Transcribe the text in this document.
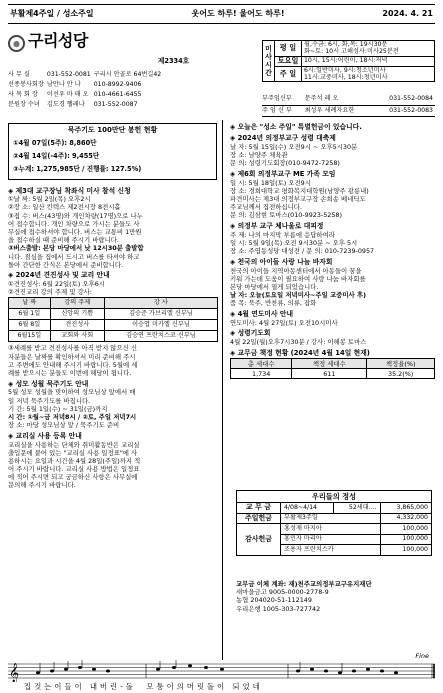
부활제4주일 / 성소주일	웃어도 하루! 울어도 하루!	2024. 4. 21
구리성당
제2334호
사 무 실	031-552-0081	구리시 안골로 64번길42
선종봉사회장	남만나 안 나	010-8992-9406
사 목 회 장	이선우 마 태 오	010-4661-6455
분원장 수녀	김도경 헬레나	031-552-0087
미
사
시
간	평 일	월,수금: 6시, 화,목: 19시30분
화~토: 10시 고해성사:미사25분전
	토요일	10시, 15시:어린이, 18시:저녁
	주 일	6시:일반미사, 9시:청소년미사
11시:교중미사, 18시:청년미사
부주임신부	문주석 레 오	031-552-0084
주 임 신 부	최성우 세례자요한	031-552-0083
묵주기도 100만단 봉헌 현황
①4월 07일(5주): 8,860단
②4월 14일(-4주): 9,455단
③누계: 1,275,985단 / 진행률: 127.5%)
◈ 제3대 교구장님 착좌식 미사 참석 신청
①날 짜: 5월 2일(목) 오후2시
②장 소: 일산 킨텍스 제2전시장 8전시홀
③접 수: 버스(43명)와 개인차량(17명)으로 나누
어 접수합니다. 개인 차량으로 가시는 분들도 사
무실에 접수하셔야 합니다. 버스는 교통비 1만원
을 접수하실 때 준비해 주시기 바랍니다.
③버스출발: 본당 마당에서 낮 12시30분 출발합
니다. 점심을 집에서 드시고 버스를 타셔야 하고
돌아 간단한 간식은 본당에서 준비합니다.
◈ 2024년 견진성사 및 교리 안내
①견진성사: 6월 22일(토) 오후6시
②견진교리 강의 주제 및 강사:
날 짜	강의 주제	강 사
6월 1일	신앙의 기쁨	김승준 가브리엘 신부님
6월 8일	견진성사	이승엽 미카엘 신부님
6월15일	교회와 사회	김승연 프란치스코 신부님
③세례를 받고 견진성사를 아직 받지 않으신 신
자분들은 날짜를 확인하셔서 미리 준비해 주시
고 주변에도 안내해 주시기 바랍니다. 5월에 세
례를 받으시는 분들도 이번에 해당이 됩니다.
◈ 성모 성월 묵주기도 안내
5월 성모 성월을 맞이하여 성모님상 앞에서 매
일 저녁 묵주기도를 바칩니다.
기 간: 5월 1일(수) ~ 31일(금)까지
시 간: ①월~금 저녁8시 / ②토, 주일 저녁7시
장 소: 마당 성모님상 앞 / 묵주기도 준비
◈ 교리실 사용 등록 안내
교리실을 사용하는 단체와 취미활동반은 교리실
출입문에 붙어 있는 "교리실 사용 일정표"에 사
용하시는 요일과 시간을 4월 28일(주일)까지 적
어 주시기 바랍니다. 교리실 사용 방법은 일정표
에 적어 주시면 되고 궁금하신 사항은 사무실에
문의해 주시기 바랍니다.
◈ 오늘은 "성소 주일" 특별헌금이 있습니다.
◈ 2024년 의정부교구 성령 대축제
날 자: 5월 15일(수) 오전9시 ~ 오후5시30분
장 소: 남양주 체육관
문 의: 성령기도회장(010-9472-7258)
◈ 제6회 의정부교구 ME 가족 모임
일 시: 5월 18일(토) 오전9시
장 소: 경희대학교 평화복지대학원(남양주 광릉내)
파견미사는 제3대 의정부교구장 손희송 베네딕도
주교님께서 집전하십니다.
문 의: 김삼현 토마스(010-9923-5258)
◈ 의정부 교구 체나울로 대피정
주 제: 나의 마지막 부름에 응답하여라
일 시: 5월 9일(목) 오전 9시30분 ~ 오후 5시
장 소: 주엽동성당 대성전 / 문 의: 010-7239-0957
◈ 천국의 아이들 사랑 나눔 바자회
천국의 아이들 지역아동센터에서 아동들이 꿈을
키워 가는데 도움이 필요하여 사랑 나눔 바자회를
본당 마당에서 열게 되었습니다.
날 자: 오늘(토요일 저녁미사~주일 교중미사 후)
품 목: 묵주, 반찬류, 의류, 잡화
◈ 4월 연도미사 안내
연도미사: 4월 27일(토) 오전10시미사
◈ 성령기도회
4월 22일(월)오후7시30분 / 강사: 이해봉 토마스
◈ 교무금 책정 현황 (2024년 4월 14일 현재)
총 세대수	책정 세대수	책정율(%)
1,734	611	35.2(%)
우리들의 정성			
교 무 금	4/08~4/14	52세대....	3,865,000
주일헌금	부활제3주일		4,332,000
감사헌금	홍성재 마지아		100,000
	홍민자 마리아		100,000
	조용자 프란치스카		100,000
교무금 이체 계좌: 재)천주교의정부교구유지재단
새마을금고 9005-0000-2778-9
농협 204020-51-112149
우리은행 1005-303-727742
𝄞
Fine
집 것 는 이 들 이   내 버 린 - 돌     모 퉁 이 의 머 릿 돌 이   되 었 네
